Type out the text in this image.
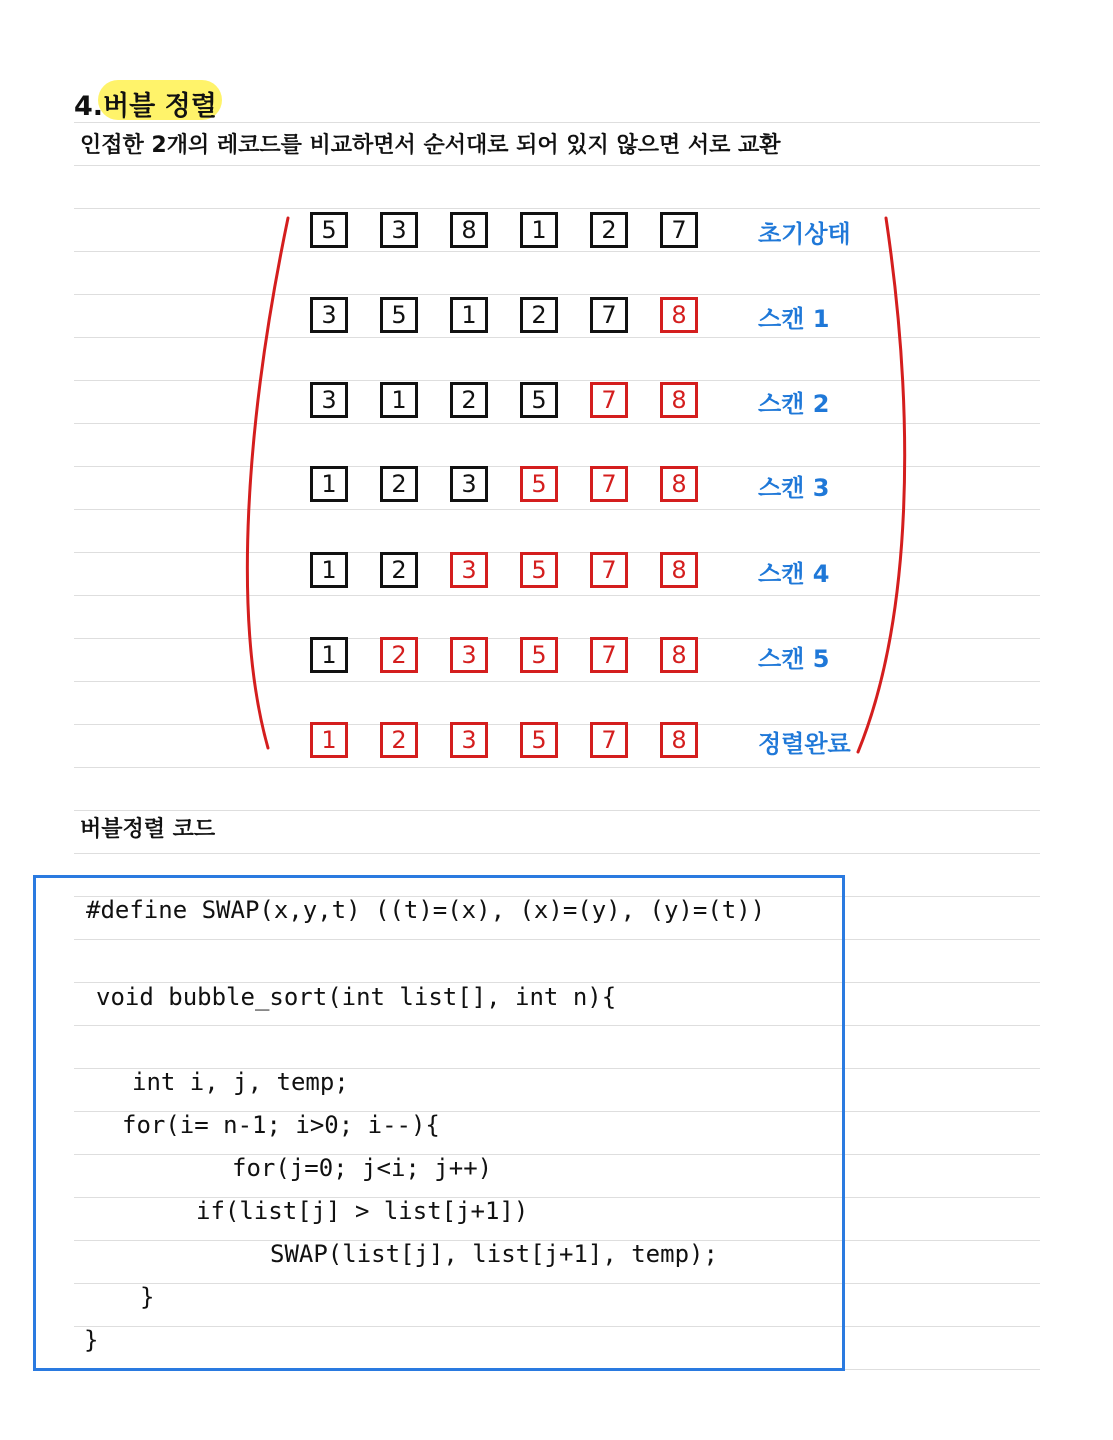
4.버블 정렬
인접한 2개의 레코드를 비교하면서 순서대로 되어 있지 않으면 서로 교환
5	3	8	1	2	7	초기상태
3	5	1	2	7	8	스캔 1
3	1	2	5	7	8	스캔 2
1	2	3	5	7	8	스캔 3
1	2	3	5	7	8	스캔 4
1	2	3	5	7	8	스캔 5
1	2	3	5	7	8	정렬완료
버블정렬 코드
#define SWAP(x,y,t) ((t)=(x), (x)=(y), (y)=(t))
void bubble_sort(int list[], int n){
int i, j, temp;
for(i= n-1; i>0; i--){
for(j=0; j<i; j++)
if(list[j] > list[j+1])
SWAP(list[j], list[j+1], temp);
}
}
